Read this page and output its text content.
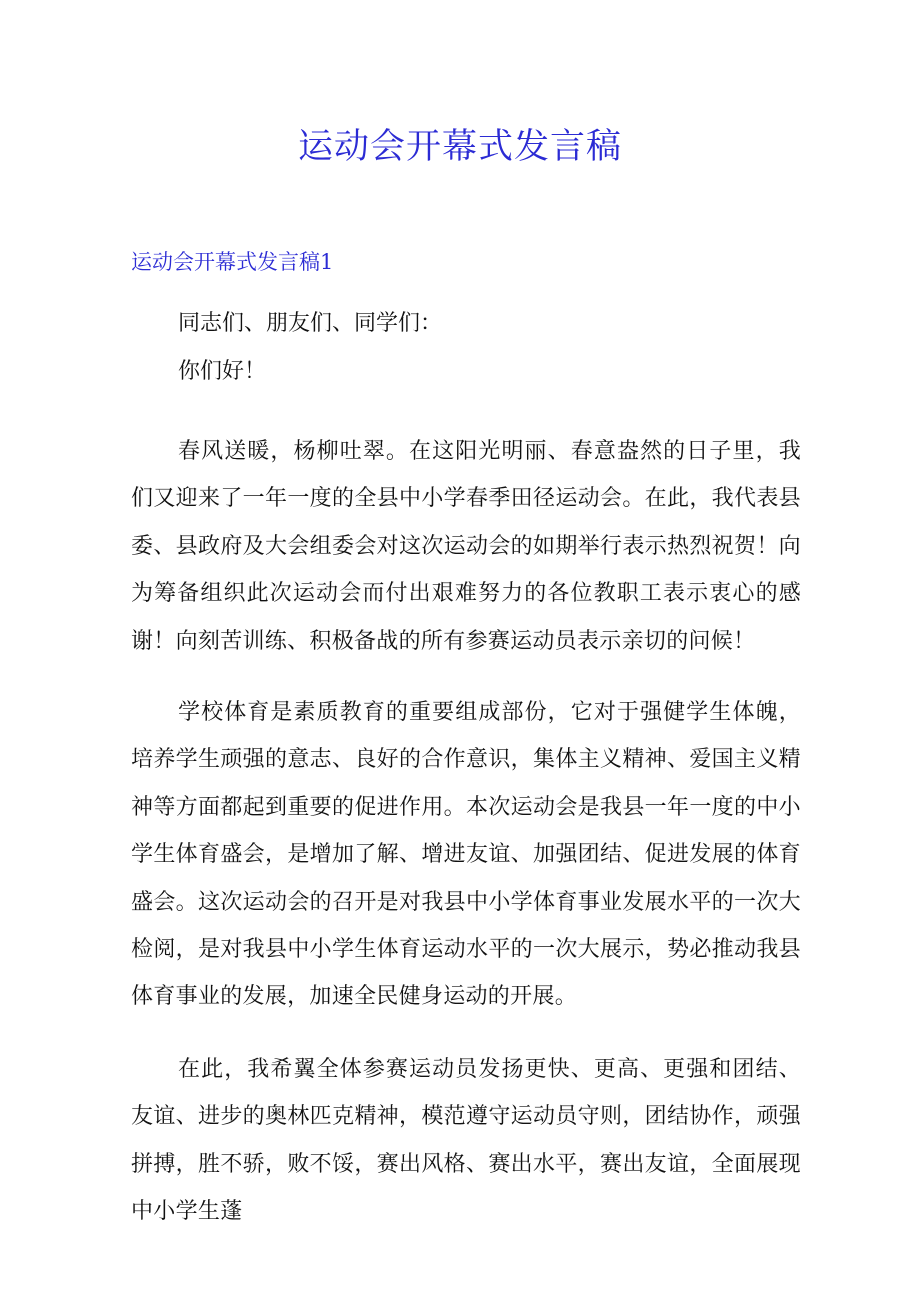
运动会开幕式发言稿
运动会开幕式发言稿1
同志们、朋友们、同学们：
你们好！

春风送暖，杨柳吐翠。在这阳光明丽、春意盎然的日子里，我们又迎来了一年一度的全县中小学春季田径运动会。在此，我代表县委、县政府及大会组委会对这次运动会的如期举行表示热烈祝贺！向为筹备组织此次运动会而付出艰难努力的各位教职工表示衷心的感谢！向刻苦训练、积极备战的所有参赛运动员表示亲切的问候！

学校体育是素质教育的重要组成部份，它对于强健学生体魄，培养学生顽强的意志、良好的合作意识，集体主义精神、爱国主义精神等方面都起到重要的促进作用。本次运动会是我县一年一度的中小学生体育盛会，是增加了解、增进友谊、加强团结、促进发展的体育盛会。这次运动会的召开是对我县中小学体育事业发展水平的一次大检阅，是对我县中小学生体育运动水平的一次大展示，势必推动我县体育事业的发展，加速全民健身运动的开展。

在此，我希翼全体参赛运动员发扬更快、更高、更强和团结、友谊、进步的奥林匹克精神，模范遵守运动员守则，团结协作，顽强拼搏，胜不骄，败不馁，赛出风格、赛出水平，赛出友谊，全面展现中小学生蓬
